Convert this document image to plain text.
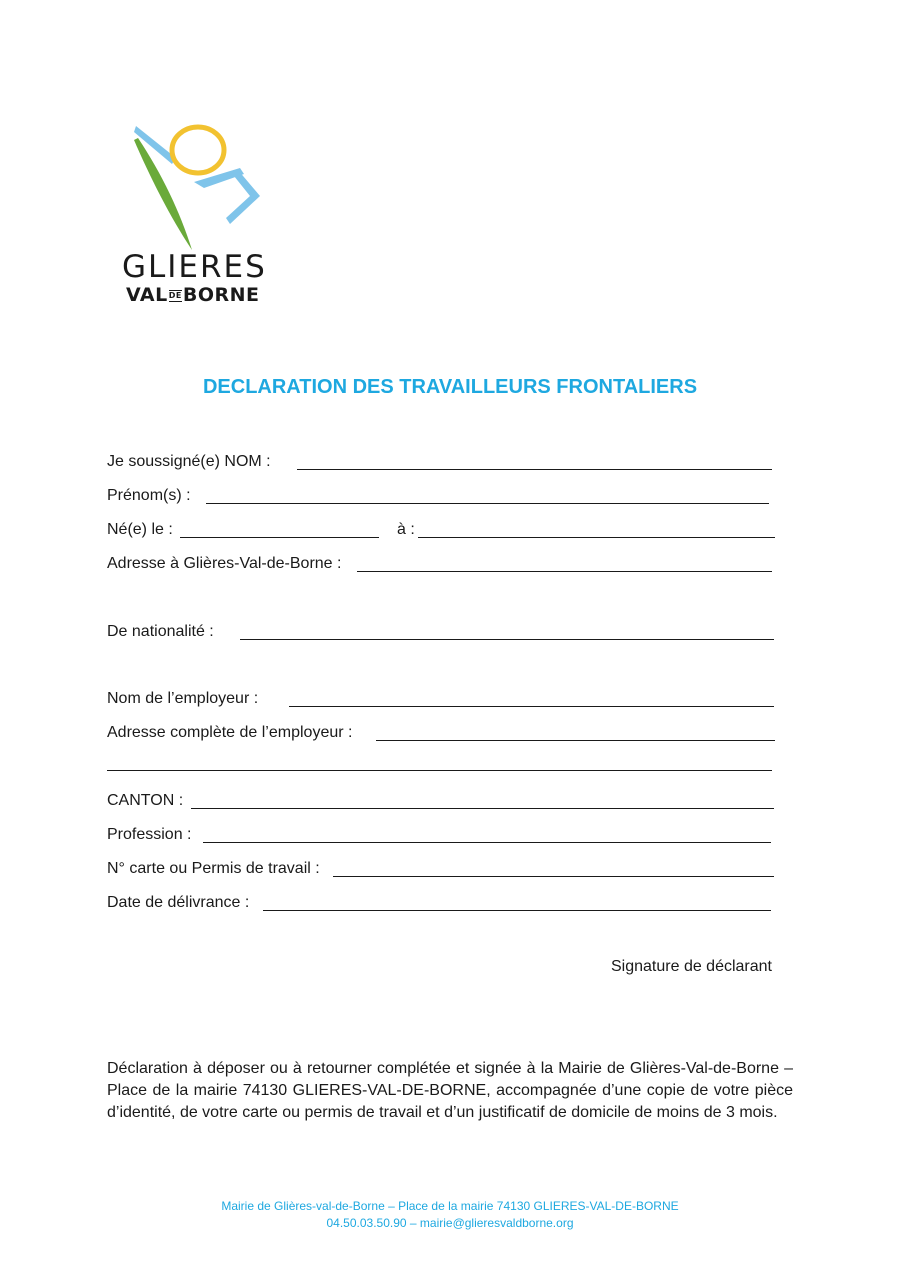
GLIERES
VAL DE BORNE
DECLARATION DES TRAVAILLEURS FRONTALIERS
Je soussigné(e) NOM :
Prénom(s) :
Né(e) le :	à :
Adresse à Glières-Val-de-Borne :
De nationalité :
Nom de l’employeur :
Adresse complète de l’employeur :
CANTON :
Profession :
N° carte ou Permis de travail :
Date de délivrance :
Signature de déclarant

Déclaration à déposer ou à retourner complétée et signée à la Mairie de Glières-Val-de-Borne – Place de la mairie 74130 GLIERES-VAL-DE-BORNE, accompagnée d’une copie de votre pièce d’identité, de votre carte ou permis de travail et d’un justificatif de domicile de moins de 3 mois.

Mairie de Glières-val-de-Borne – Place de la mairie 74130 GLIERES-VAL-DE-BORNE
04.50.03.50.90 – mairie@glieresvaldborne.org
